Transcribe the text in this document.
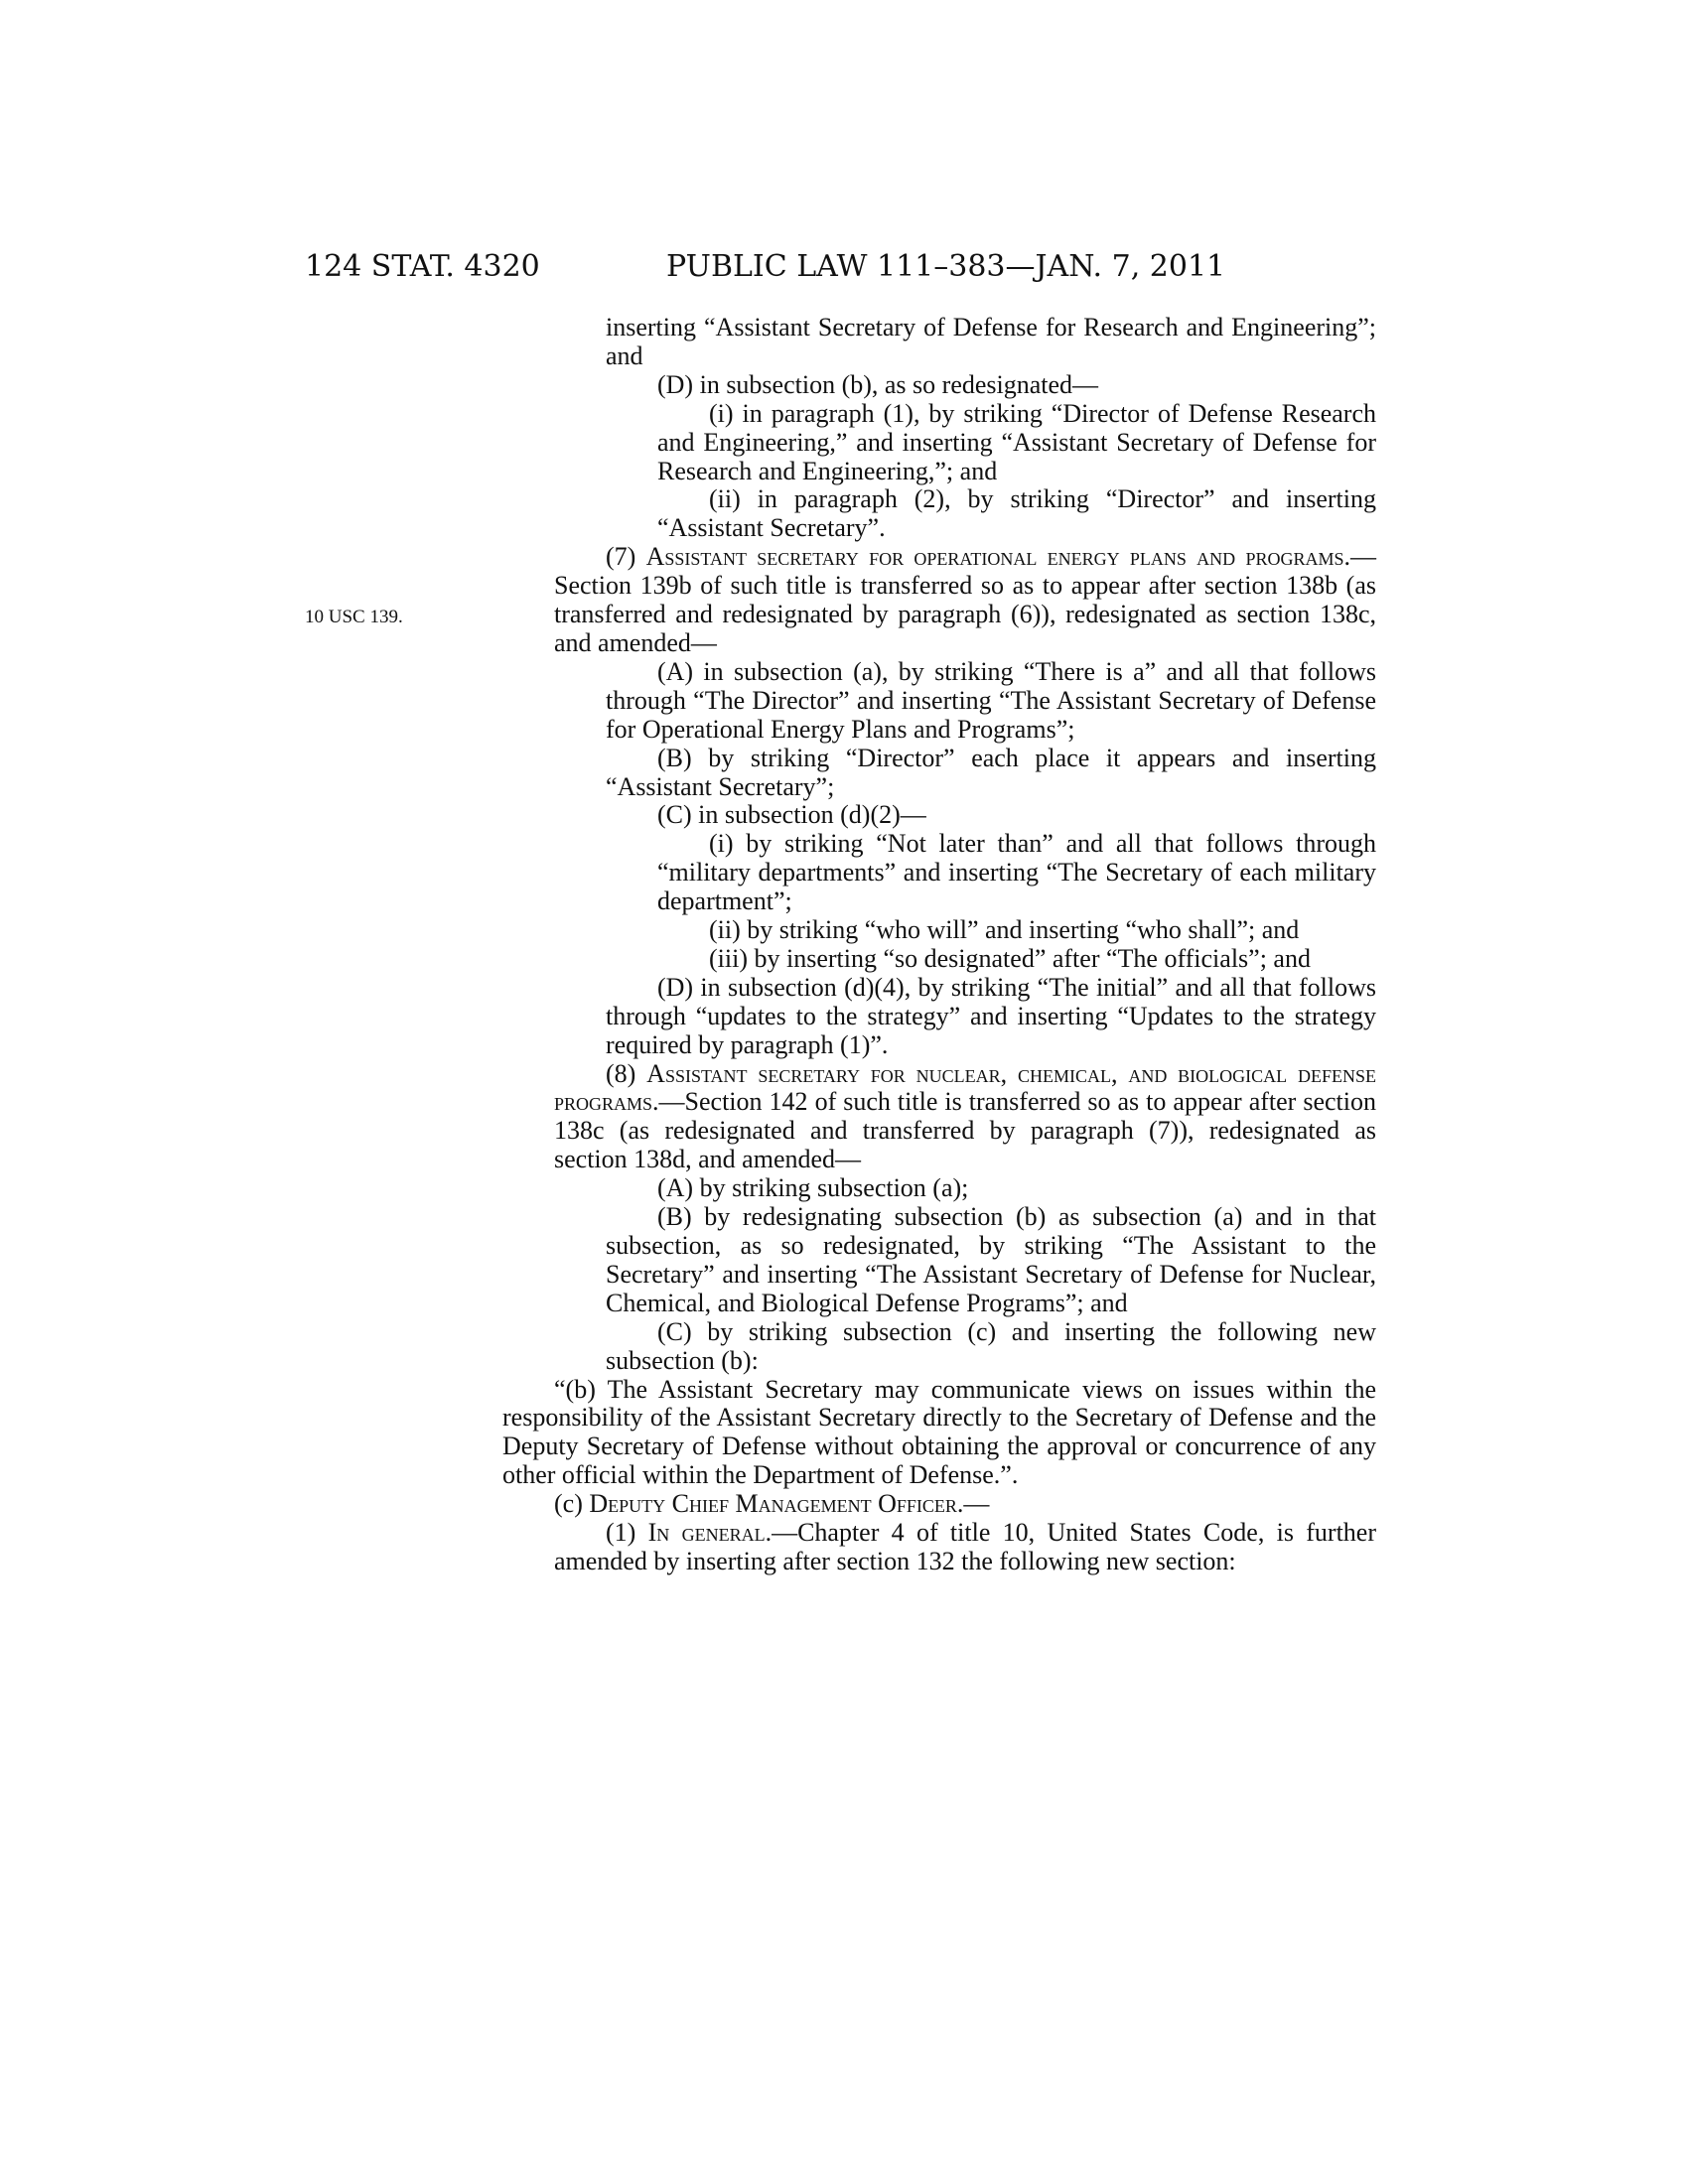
124 STAT. 4320	PUBLIC LAW 111–383—JAN. 7, 2011
10 USC 139.

inserting “Assistant Secretary of Defense for Research and Engineering”; and

(D) in subsection (b), as so redesignated—

(i) in paragraph (1), by striking “Director of Defense Research and Engineering,” and inserting “Assistant Secretary of Defense for Research and Engineering,”; and

(ii) in paragraph (2), by striking “Director” and inserting “Assistant Secretary”.

(7) Assistant secretary for operational energy plans and programs.—Section 139b of such title is transferred so as to appear after section 138b (as transferred and redesignated by paragraph (6)), redesignated as section 138c, and amended—

(A) in subsection (a), by striking “There is a” and all that follows through “The Director” and inserting “The Assistant Secretary of Defense for Operational Energy Plans and Programs”;

(B) by striking “Director” each place it appears and inserting “Assistant Secretary”;

(C) in subsection (d)(2)—

(i) by striking “Not later than” and all that follows through “military departments” and inserting “The Secretary of each military department”;

(ii) by striking “who will” and inserting “who shall”; and

(iii) by inserting “so designated” after “The officials”; and

(D) in subsection (d)(4), by striking “The initial” and all that follows through “updates to the strategy” and inserting “Updates to the strategy required by paragraph (1)”.

(8) Assistant secretary for nuclear, chemical, and biological defense programs.—Section 142 of such title is transferred so as to appear after section 138c (as redesignated and transferred by paragraph (7)), redesignated as section 138d, and amended—

(A) by striking subsection (a);

(B) by redesignating subsection (b) as subsection (a) and in that subsection, as so redesignated, by striking “The Assistant to the Secretary” and inserting “The Assistant Secretary of Defense for Nuclear, Chemical, and Biological Defense Programs”; and

(C) by striking subsection (c) and inserting the following new subsection (b):

“(b) The Assistant Secretary may communicate views on issues within the responsibility of the Assistant Secretary directly to the Secretary of Defense and the Deputy Secretary of Defense without obtaining the approval or concurrence of any other official within the Department of Defense.”.

(c) Deputy Chief Management Officer.—

(1) In general.—Chapter 4 of title 10, United States Code, is further amended by inserting after section 132 the following new section:
